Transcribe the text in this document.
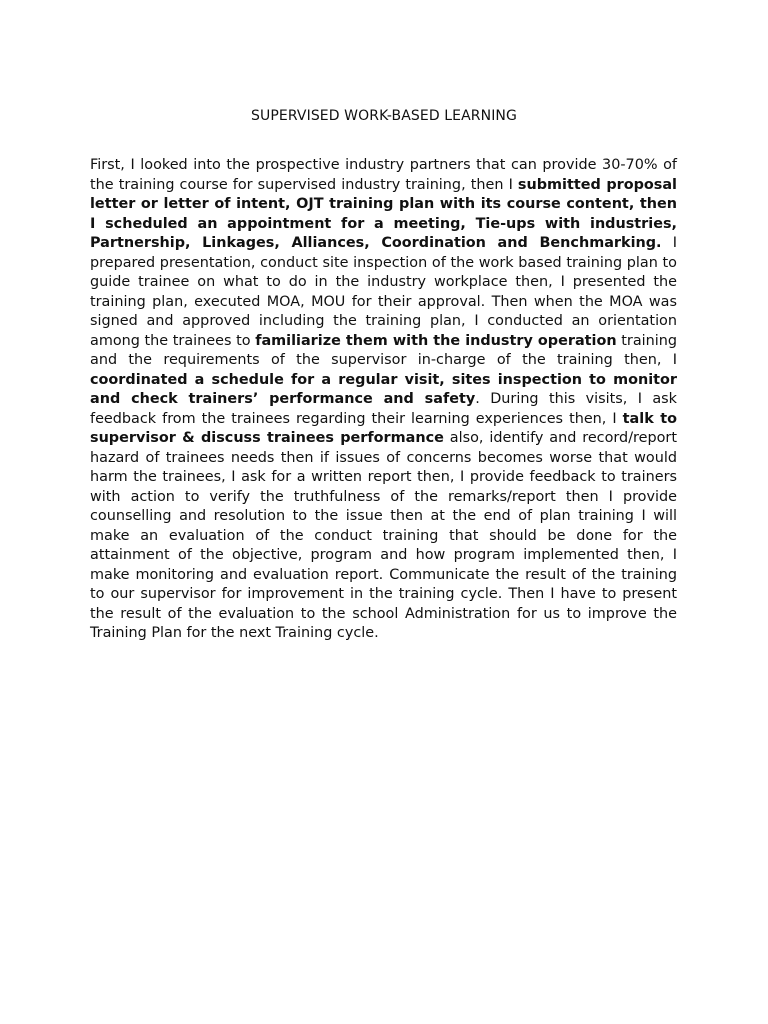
SUPERVISED WORK-BASED LEARNING
First, I looked into the prospective industry partners that can provide 30-70% of the training course for supervised industry training, then I submitted proposal letter or letter of intent, OJT training plan with its course content, then I scheduled an appointment for a meeting, Tie-ups with industries, Partnership, Linkages, Alliances, Coordination and Benchmarking. I prepared presentation, conduct site inspection of the work based training plan to guide trainee on what to do in the industry workplace then, I presented the training plan, executed MOA, MOU for their approval. Then when the MOA was signed and approved including the training plan, I conducted an orientation among the trainees to familiarize them with the industry operation training and the requirements of the supervisor in-charge of the training then, I coordinated a schedule for a regular visit, sites inspection to monitor and check trainers’ performance and safety. During this visits, I ask feedback from the trainees regarding their learning experiences then, I talk to supervisor & discuss trainees performance also, identify and record/report hazard of trainees needs then if issues of concerns becomes worse that would harm the trainees, I ask for a written report then, I provide feedback to trainers with action to verify the truthfulness of the remarks/report then I provide counselling and resolution to the issue then at the end of plan training I will make an evaluation of the conduct training that should be done for the attainment of the objective, program and how program implemented then, I make monitoring and evaluation report. Communicate the result of the training to our supervisor for improvement in the training cycle. Then I have to present the result of the evaluation to the school Administration for us to improve the Training Plan for the next Training cycle.
